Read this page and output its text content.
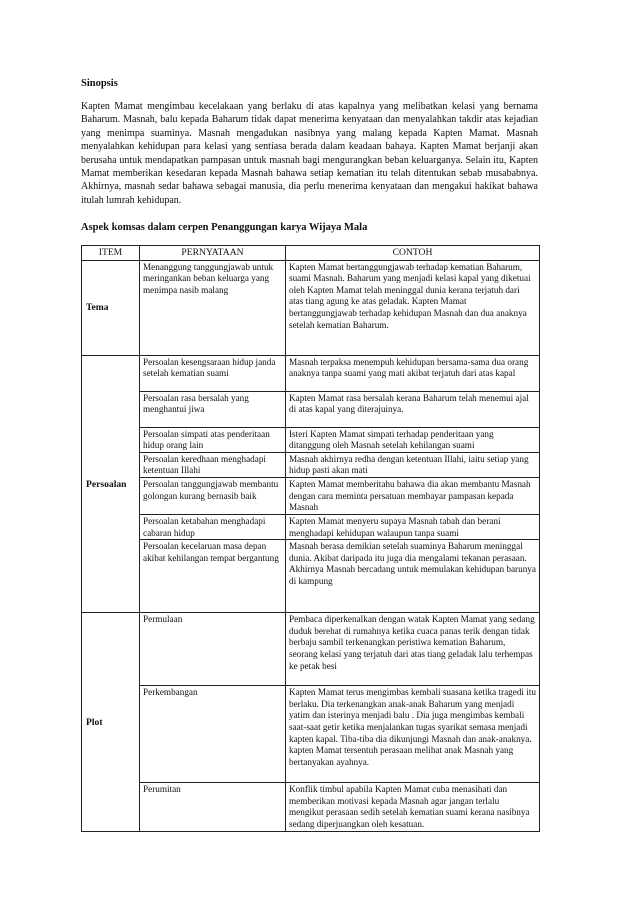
Sinopsis

Kapten Mamat mengimbau kecelakaan yang berlaku di atas kapalnya yang melibatkan kelasi yang bernama Baharum. Masnah, balu kepada Baharum tidak dapat menerima kenyataan dan menyalahkan takdir atas kejadian yang menimpa suaminya. Masnah mengadukan nasibnya yang malang kepada Kapten Mamat. Masnah menyalahkan kehidupan para kelasi yang sentiasa berada dalam keadaan bahaya. Kapten Mamat berjanji akan berusaha untuk mendapatkan pampasan untuk masnah bagi mengurangkan beban keluarganya. Selain itu, Kapten Mamat memberikan kesedaran kepada Masnah bahawa setiap kematian itu telah ditentukan sebab musababnya. Akhirnya, masnah sedar bahawa sebagai manusia, dia perlu menerima kenyataan dan mengakui hakikat bahawa itulah lumrah kehidupan.

Aspek komsas dalam cerpen Penanggungan karya Wijaya Mala
ITEM	PERNYATAAN	CONTOH
Tema	Menanggung tanggungjawab untuk meringankan beban keluarga yang menimpa nasib malang	Kapten Mamat bertanggungjawab terhadap kematian Baharum, suami Masnah. Baharum yang menjadi kelasi kapal yang diketuai oleh Kapten Mamat telah meninggal dunia kerana terjatuh dari atas tiang agung ke atas geladak. Kapten Mamat bertanggungjawab terhadap kehidupan Masnah dan dua anaknya setelah kematian Baharum.
Persoalan	Persoalan kesengsaraan hidup janda setelah kematian suami	Masnah terpaksa menempuh kehidupan bersama-sama dua orang anaknya tanpa suami yang mati akibat terjatuh dari atas kapal
	Persoalan rasa bersalah yang menghantui jiwa	Kapten Mamat rasa bersalah kerana Baharum telah menemui ajal di atas kapal yang diterajuinya.
	Persoalan simpati atas penderitaan hidup orang lain	Isteri Kapten Mamat simpati terhadap penderitaan yang ditanggung oleh Masnah setelah kehilangan suami
	Persoalan keredhaan menghadapi ketentuan Illahi	Masnah akhirnya redha dengan ketentuan Illahi, iaitu setiap yang hidup pasti akan mati
	Persoalan tanggungjawab membantu golongan kurang bernasib baik	Kapten Mamat memberitahu bahawa dia akan membantu Masnah dengan cara meminta persatuan membayar pampasan kepada Masnah
	Persoalan ketabahan menghadapi cabaran hidup	Kapten Mamat menyeru supaya Masnah tabah dan berani menghadapi kehidupan walaupun tanpa suami
	Persoalan kecelaruan masa depan akibat kehilangan tempat bergantung	Masnah berasa demikian setelah suaminya Baharum meninggal dunia. Akibat daripada itu juga dia mengalami tekanan perasaan. Akhirnya Masnah bercadang untuk memulakan kehidupan barunya di kampung
Plot	Permulaan	Pembaca diperkenalkan dengan watak Kapten Mamat yang sedang duduk berehat di rumahnya ketika cuaca panas terik dengan tidak berbaju sambil terkenangkan peristiwa kematian Baharum, seorang kelasi yang terjatuh dari atas tiang geladak lalu terhempas ke petak besi
	Perkembangan	Kapten Mamat terus mengimbas kembali suasana ketika tragedi itu berlaku. Dia terkenangkan anak-anak Baharum yang menjadi yatim dan isterinya menjadi balu . Dia juga mengimbas kembali saat-saat getir ketika menjalankan tugas syarikat semasa menjadi kapten kapal. Tiba-tiba dia dikunjungi Masnah dan anak-anaknya. kapten Mamat tersentuh perasaan melihat anak Masnah yang bertanyakan ayahnya.
	Perumitan	Konflik timbul apabila Kapten Mamat cuba menasihati dan memberikan motivasi kepada Masnah agar jangan terlalu mengikut perasaan sedih setelah kematian suami kerana nasibnya sedang diperjuangkan oleh kesatuan.
